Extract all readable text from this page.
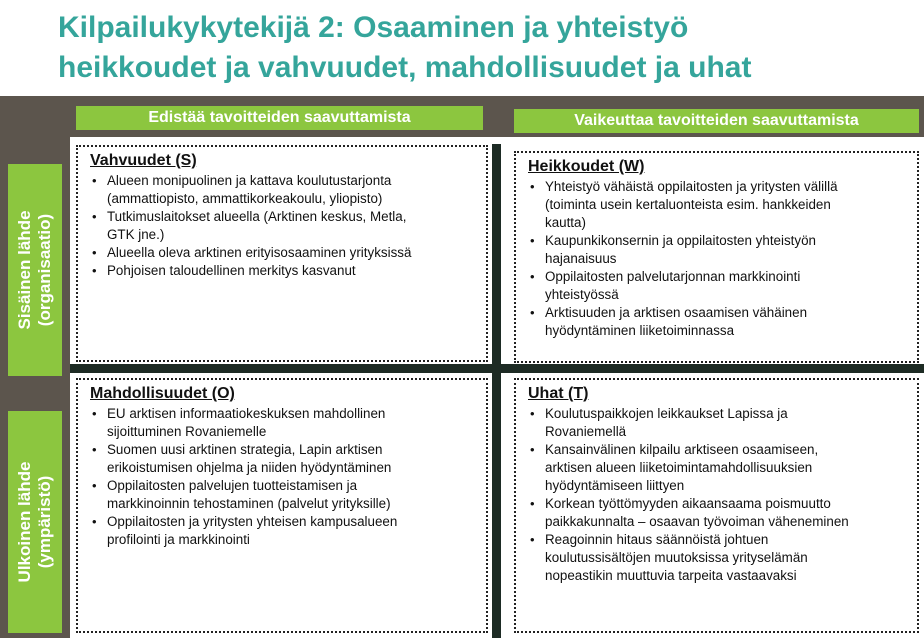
Kilpailukykytekijä 2: Osaaminen ja yhteistyö
heikkoudet ja vahvuudet, mahdollisuudet ja uhat
Edistää tavoitteiden saavuttamista	Vaikeuttaa tavoitteiden saavuttamista
Sisäinen lähde (organisaatio)
Ulkoinen lähde (ympäristö)
Vahvuudet (S)
• Alueen monipuolinen ja kattava koulutustarjonta
(ammattiopisto, ammattikorkeakoulu, yliopisto)
• Tutkimuslaitokset alueella (Arktinen keskus, Metla,
GTK jne.)
• Alueella oleva arktinen erityisosaaminen yrityksissä
• Pohjoisen taloudellinen merkitys kasvanut
Heikkoudet (W)
• Yhteistyö vähäistä oppilaitosten ja yritysten välillä
(toiminta usein kertaluonteista esim. hankkeiden
kautta)
• Kaupunkikonsernin ja oppilaitosten yhteistyön
hajanaisuus
• Oppilaitosten palvelutarjonnan markkinointi
yhteistyössä
• Arktisuuden ja arktisen osaamisen vähäinen
hyödyntäminen liiketoiminnassa
Mahdollisuudet (O)
• EU arktisen informaatiokeskuksen mahdollinen
sijoittuminen Rovaniemelle
• Suomen uusi arktinen strategia, Lapin arktisen
erikoistumisen ohjelma ja niiden hyödyntäminen
• Oppilaitosten palvelujen tuotteistamisen ja
markkinoinnin tehostaminen (palvelut yrityksille)
• Oppilaitosten ja yritysten yhteisen kampusalueen
profilointi ja markkinointi
Uhat (T)
• Koulutuspaikkojen leikkaukset Lapissa ja
Rovaniemellä
• Kansainvälinen kilpailu arktiseen osaamiseen,
arktisen alueen liiketoimintamahdollisuuksien
hyödyntämiseen liittyen
• Korkean työttömyyden aikaansaama poismuutto
paikkakunnalta – osaavan työvoiman väheneminen
• Reagoinnin hitaus säännöistä johtuen
koulutussisältöjen muutoksissa yrityselämän
nopeastikin muuttuvia tarpeita vastaavaksi
